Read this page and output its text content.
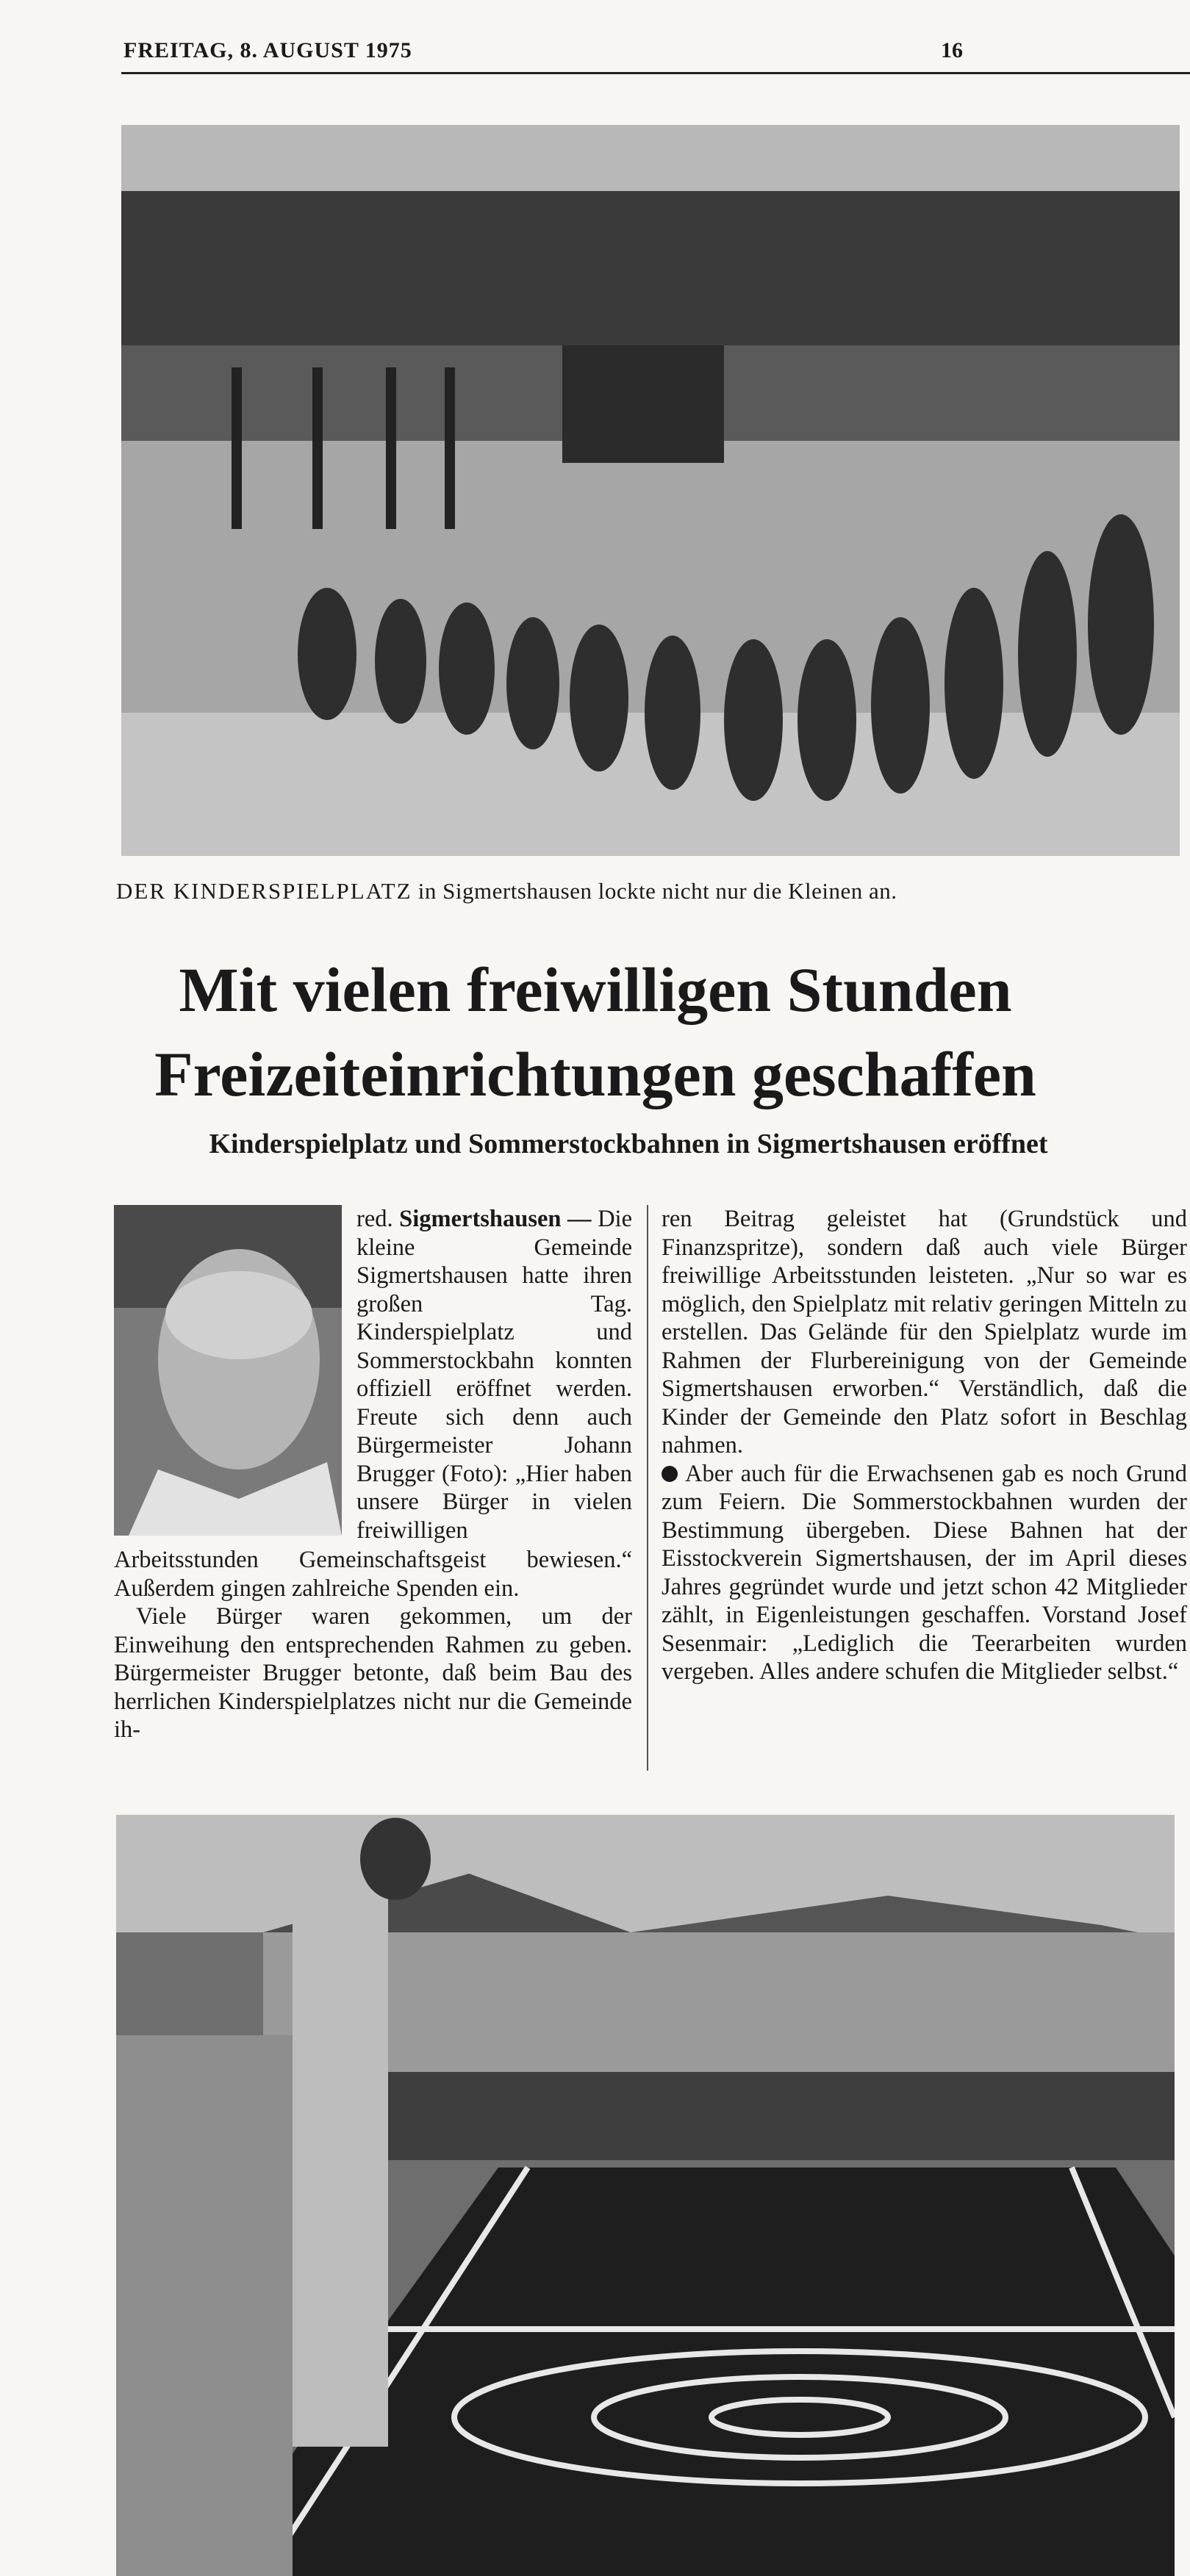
FREITAG, 8. AUGUST 1975	16
DER KINDERSPIELPLATZ in Sigmertshausen lockte nicht nur die Kleinen an.
Mit vielen freiwilligen Stunden
Freizeiteinrichtungen geschaffen
Kinderspielplatz und Sommerstockbahnen in Sigmertshausen eröffnet

red. Sigmertshausen — Die kleine Gemeinde Sigmertshausen hatte ihren großen Tag. Kinderspielplatz und Sommerstockbahn konnten offiziell eröffnet werden. Freute sich denn auch Bürgermeister Johann Brugger (Foto): „Hier haben unsere Bürger in vielen freiwilligen

Arbeitsstunden Gemeinschaftsgeist bewiesen.“ Außerdem gingen zahlreiche Spenden ein.

Viele Bürger waren gekommen, um der Einweihung den entsprechenden Rahmen zu geben. Bürgermeister Brugger betonte, daß beim Bau des herrlichen Kinderspielplatzes nicht nur die Gemeinde ih-

ren Beitrag geleistet hat (Grundstück und Finanzspritze), sondern daß auch viele Bürger freiwillige Arbeitsstunden leisteten. „Nur so war es möglich, den Spielplatz mit relativ geringen Mitteln zu erstellen. Das Gelände für den Spielplatz wurde im Rahmen der Flurbereinigung von der Gemeinde Sigmertshausen erworben.“ Verständlich, daß die Kinder der Gemeinde den Platz sofort in Beschlag nahmen.

Aber auch für die Erwachsenen gab es noch Grund zum Feiern. Die Sommerstockbahnen wurden der Bestimmung übergeben. Diese Bahnen hat der Eisstockverein Sigmertshausen, der im April dieses Jahres gegründet wurde und jetzt schon 42 Mitglieder zählt, in Eigenleistungen geschaffen. Vorstand Josef Sesenmair: „Lediglich die Teerarbeiten wurden vergeben. Alles andere schufen die Mitglieder selbst.“
